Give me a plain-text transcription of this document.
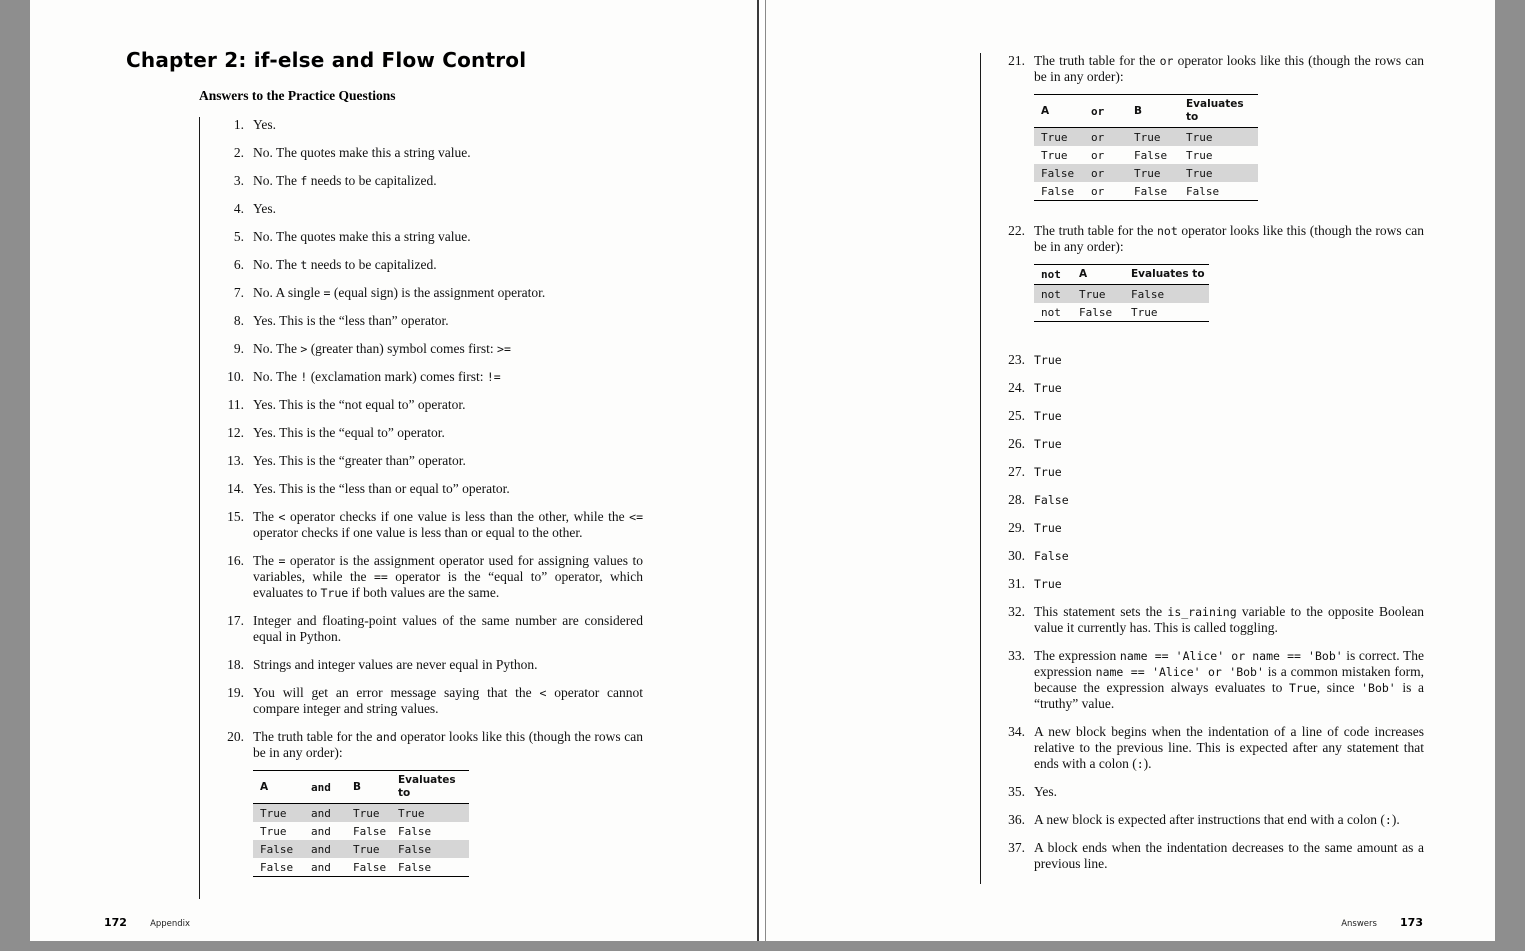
Chapter 2: if-else and Flow Control
Answers to the Practice Questions
1. Yes.
2. No. The quotes make this a string value.
3. No. The f needs to be capitalized.
4. Yes.
5. No. The quotes make this a string value.
6. No. The t needs to be capitalized.
7. No. A single = (equal sign) is the assignment operator.
8. Yes. This is the “less than” operator.
9. No. The > (greater than) symbol comes first: >=
10. No. The ! (exclamation mark) comes first: !=
11. Yes. This is the “not equal to” operator.
12. Yes. This is the “equal to” operator.
13. Yes. This is the “greater than” operator.
14. Yes. This is the “less than or equal to” operator.
15. The < operator checks if one value is less than the other, while the <= operator checks if one value is less than or equal to the other.
16. The = operator is the assignment operator used for assigning values to variables, while the == operator is the “equal to” operator, which evaluates to True if both values are the same.
17. Integer and floating-point values of the same number are considered equal in Python.
18. Strings and integer values are never equal in Python.
19. You will get an error message saying that the < operator cannot compare integer and string values.
20. The truth table for the and operator looks like this (though the rows can be in any order):
A	and	B	Evaluates to
True	and	True	True
True	and	False	False
False	and	True	False
False	and	False	False
172	Appendix
21. The truth table for the or operator looks like this (though the rows can be in any order):
A	or	B	Evaluates to
True	or	True	True
True	or	False	True
False	or	True	True
False	or	False	False
22. The truth table for the not operator looks like this (though the rows can be in any order):
not	A	Evaluates to
not	True	False
not	False	True
23. True
24. True
25. True
26. True
27. True
28. False
29. True
30. False
31. True
32. This statement sets the is_raining variable to the opposite Boolean value it currently has. This is called toggling.
33. The expression name == 'Alice' or name == 'Bob' is correct. The expression name == 'Alice' or 'Bob' is a common mistaken form, because the expression always evaluates to True, since 'Bob' is a “truthy” value.
34. A new block begins when the indentation of a line of code increases relative to the previous line. This is expected after any statement that ends with a colon (:).
35. Yes.
36. A new block is expected after instructions that end with a colon (:).
37. A block ends when the indentation decreases to the same amount as a previous line.
Answers 173
